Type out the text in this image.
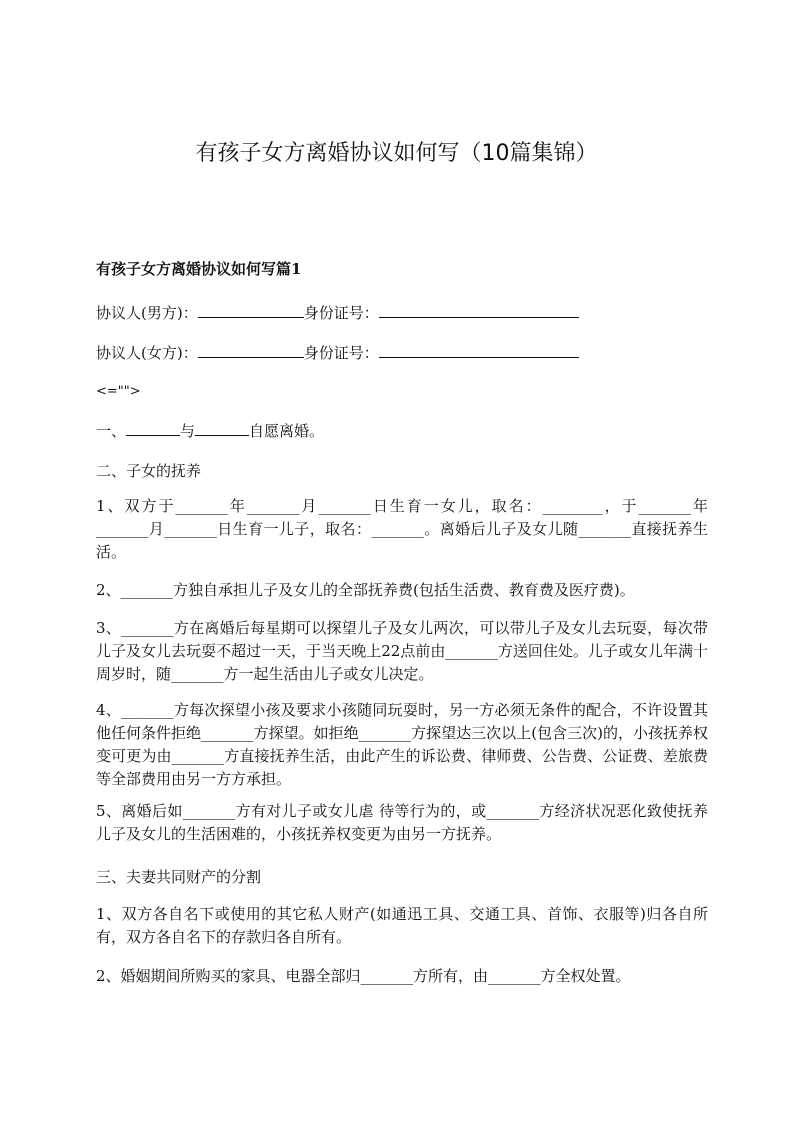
有孩子女方离婚协议如何写（10篇集锦）
有孩子女方离婚协议如何写篇1
协议人(男方)：	身份证号：
协议人(女方)：	身份证号：
<="">
一、	与	自愿离婚。
二、子女的抚养
1、双方于_______年_______月_______日生育一女儿，取名：________，于_______年_______月_______日生育一儿子，取名：_______。离婚后儿子及女儿随_______直接抚养生活。
2、_______方独自承担儿子及女儿的全部抚养费(包括生活费、教育费及医疗费)。
3、_______方在离婚后每星期可以探望儿子及女儿两次，可以带儿子及女儿去玩耍，每次带儿子及女儿去玩耍不超过一天，于当天晚上22点前由_______方送回住处。儿子或女儿年满十周岁时，随_______方一起生活由儿子或女儿决定。
4、_______方每次探望小孩及要求小孩随同玩耍时，另一方必须无条件的配合，不许设置其他任何条件拒绝_______方探望。如拒绝_______方探望达三次以上(包含三次)的，小孩抚养权变可更为由_______方直接抚养生活，由此产生的诉讼费、律师费、公告费、公证费、差旅费等全部费用由另一方方承担。
5、离婚后如_______方有对儿子或女儿虐 待等行为的，或_______方经济状况恶化致使抚养儿子及女儿的生活困难的，小孩抚养权变更为由另一方抚养。
三、夫妻共同财产的分割
1、双方各自名下或使用的其它私人财产(如通迅工具、交通工具、首饰、衣服等)归各自所有，双方各自名下的存款归各自所有。
2、婚姻期间所购买的家具、电器全部归_______方所有，由_______方全权处置。
